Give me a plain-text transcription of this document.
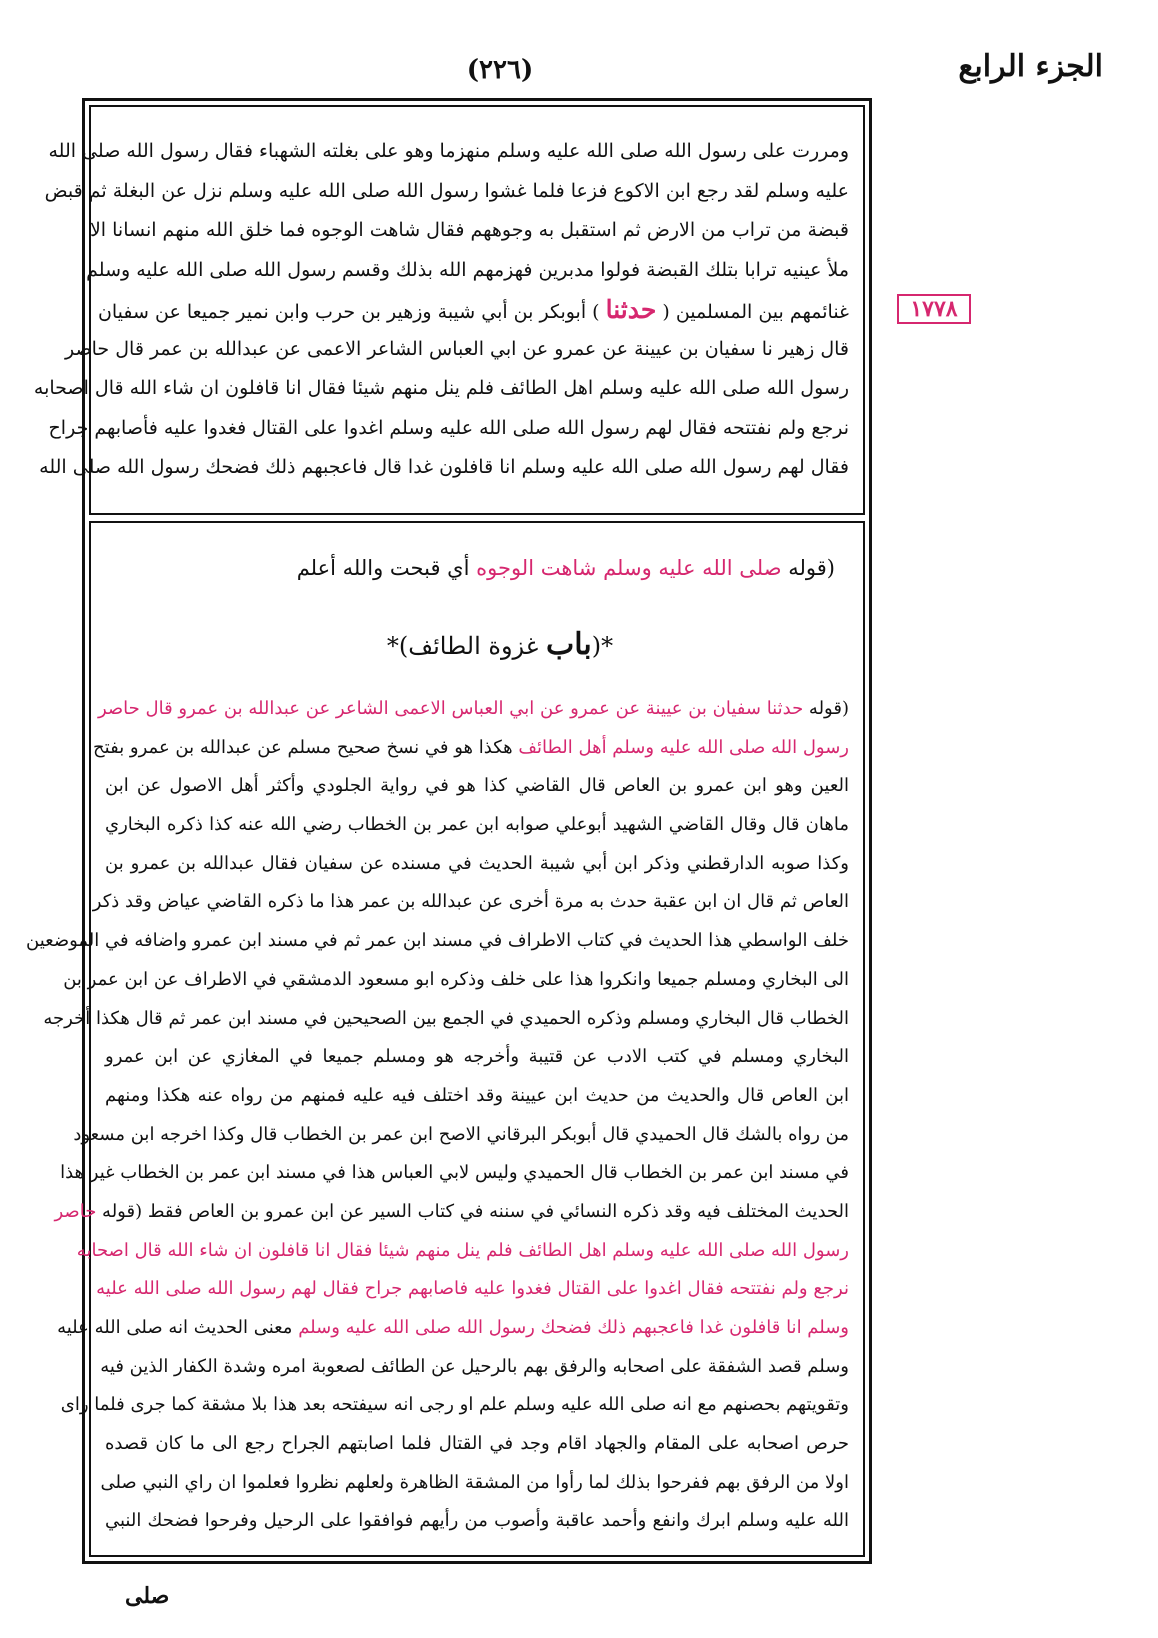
الجزء الرابع
(٢٢٦)
١٧٧٨
ومررت على رسول الله صلى الله عليه وسلم منهزما وهو على بغلته الشهباء فقال رسول الله صلى الله
عليه وسلم لقد رجع ابن الاكوع فزعا فلما غشوا رسول الله صلى الله عليه وسلم نزل عن البغلة ثم قبض
قبضة من تراب من الارض ثم استقبل به وجوههم فقال شاهت الوجوه فما خلق الله منهم انسانا الا
ملأ عينيه ترابا بتلك القبضة فولوا مدبرين فهزمهم الله بذلك وقسم رسول الله صلى الله عليه وسلم
غنائمهم بين المسلمين ( حدثنا ) أبوبكر بن أبي شيبة وزهير بن حرب وابن نمير جميعا عن سفيان
قال زهير نا سفيان بن عيينة عن عمرو عن ابي العباس الشاعر الاعمى عن عبدالله بن عمر قال حاصر
رسول الله صلى الله عليه وسلم اهل الطائف فلم ينل منهم شيئا فقال انا قافلون ان شاء الله قال اصحابه
نرجع ولم نفتتحه فقال لهم رسول الله صلى الله عليه وسلم اغدوا على القتال فغدوا عليه فأصابهم جراح
فقال لهم رسول الله صلى الله عليه وسلم انا قافلون غدا قال فاعجبهم ذلك فضحك رسول الله صلى الله
(قوله صلى الله عليه وسلم شاهت الوجوه أي قبحت والله أعلم
*(باب غزوة الطائف)*
(قوله حدثنا سفيان بن عيينة عن عمرو عن ابي العباس الاعمى الشاعر عن عبدالله بن عمرو قال حاصر
رسول الله صلى الله عليه وسلم أهل الطائف هكذا هو في نسخ صحيح مسلم عن عبدالله بن عمرو بفتح
العين وهو ابن عمرو بن العاص قال القاضي كذا هو في رواية الجلودي وأكثر أهل الاصول عن ابن
ماهان قال وقال القاضي الشهيد أبوعلي صوابه ابن عمر بن الخطاب رضي الله عنه كذا ذكره البخاري
وكذا صوبه الدارقطني وذكر ابن أبي شيبة الحديث في مسنده عن سفيان فقال عبدالله بن عمرو بن
العاص ثم قال ان ابن عقبة حدث به مرة أخرى عن عبدالله بن عمر هذا ما ذكره القاضي عياض وقد ذكر
خلف الواسطي هذا الحديث في كتاب الاطراف في مسند ابن عمر ثم في مسند ابن عمرو واضافه في الموضعين
الى البخاري ومسلم جميعا وانكروا هذا على خلف وذكره ابو مسعود الدمشقي في الاطراف عن ابن عمر بن
الخطاب قال البخاري ومسلم وذكره الحميدي في الجمع بين الصحيحين في مسند ابن عمر ثم قال هكذا أخرجه
البخاري ومسلم في كتب الادب عن قتيبة وأخرجه هو ومسلم جميعا في المغازي عن ابن عمرو
ابن العاص قال والحديث من حديث ابن عيينة وقد اختلف فيه عليه فمنهم من رواه عنه هكذا ومنهم
من رواه بالشك قال الحميدي قال أبوبكر البرقاني الاصح ابن عمر بن الخطاب قال وكذا اخرجه ابن مسعود
في مسند ابن عمر بن الخطاب قال الحميدي وليس لابي العباس هذا في مسند ابن عمر بن الخطاب غير هذا
الحديث المختلف فيه وقد ذكره النسائي في سننه في كتاب السير عن ابن عمرو بن العاص فقط (قوله حاصر
رسول الله صلى الله عليه وسلم اهل الطائف فلم ينل منهم شيئا فقال انا قافلون ان شاء الله قال اصحابه
نرجع ولم نفتتحه فقال اغدوا على القتال فغدوا عليه فاصابهم جراح فقال لهم رسول الله صلى الله عليه
وسلم انا قافلون غدا فاعجبهم ذلك فضحك رسول الله صلى الله عليه وسلم معنى الحديث انه صلى الله عليه
وسلم قصد الشفقة على اصحابه والرفق بهم بالرحيل عن الطائف لصعوبة امره وشدة الكفار الذين فيه
وتقويتهم بحصنهم مع انه صلى الله عليه وسلم علم او رجى انه سيفتحه بعد هذا بلا مشقة كما جرى فلما راى
حرص اصحابه على المقام والجهاد اقام وجد في القتال فلما اصابتهم الجراح رجع الى ما كان قصده
اولا من الرفق بهم ففرحوا بذلك لما رأوا من المشقة الظاهرة ولعلهم نظروا فعلموا ان راي النبي صلى
الله عليه وسلم ابرك وانفع وأحمد عاقبة وأصوب من رأيهم فوافقوا على الرحيل وفرحوا فضحك النبي
صلى
